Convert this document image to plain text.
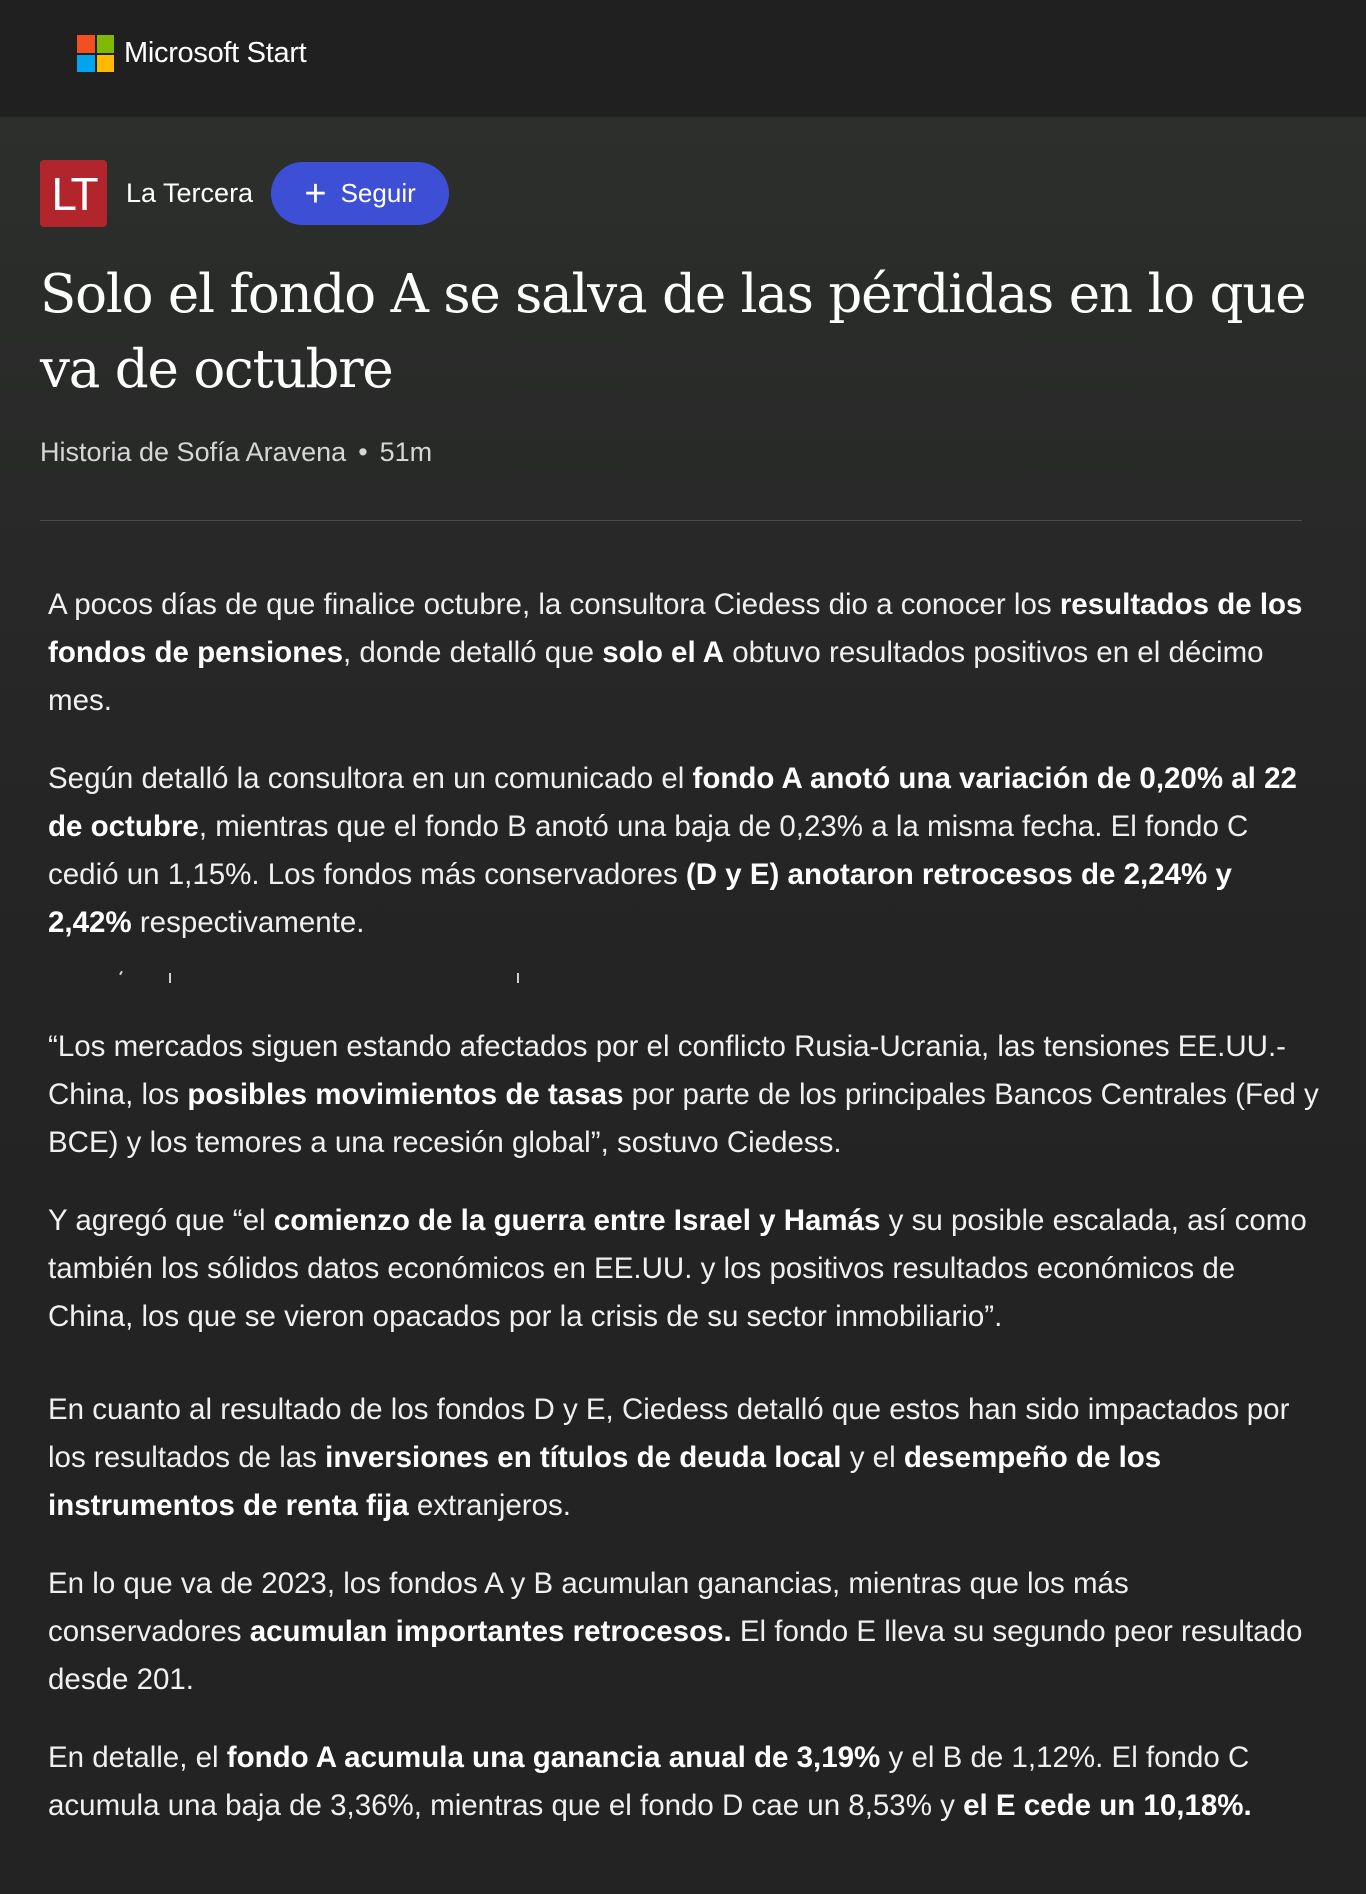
Microsoft Start
LT	La Tercera + Seguir
Solo el fondo A se salva de las pérdidas en lo que va de octubre
Historia de Sofía Aravena • 51m

A pocos días de que finalice octubre, la consultora Ciedess dio a conocer los resultados de los fondos de pensiones, donde detalló que solo el A obtuvo resultados positivos en el décimo mes.

Según detalló la consultora en un comunicado el fondo A anotó una variación de 0,20% al 22 de octubre, mientras que el fondo B anotó una baja de 0,23% a la misma fecha. El fondo C cedió un 1,15%. Los fondos más conservadores (D y E) anotaron retrocesos de 2,24% y 2,42% respectivamente.

“Los mercados siguen estando afectados por el conflicto Rusia-Ucrania, las tensiones EE.UU.-China, los posibles movimientos de tasas por parte de los principales Bancos Centrales (Fed y BCE) y los temores a una recesión global”, sostuvo Ciedess.

Y agregó que “el comienzo de la guerra entre Israel y Hamás y su posible escalada, así como también los sólidos datos económicos en EE.UU. y los positivos resultados económicos de China, los que se vieron opacados por la crisis de su sector inmobiliario”.

En cuanto al resultado de los fondos D y E, Ciedess detalló que estos han sido impactados por los resultados de las inversiones en títulos de deuda local y el desempeño de los instrumentos de renta fija extranjeros.

En lo que va de 2023, los fondos A y B acumulan ganancias, mientras que los más conservadores acumulan importantes retrocesos. El fondo E lleva su segundo peor resultado desde 201.

En detalle, el fondo A acumula una ganancia anual de 3,19% y el B de 1,12%. El fondo C acumula una baja de 3,36%, mientras que el fondo D cae un 8,53% y el E cede un 10,18%.
